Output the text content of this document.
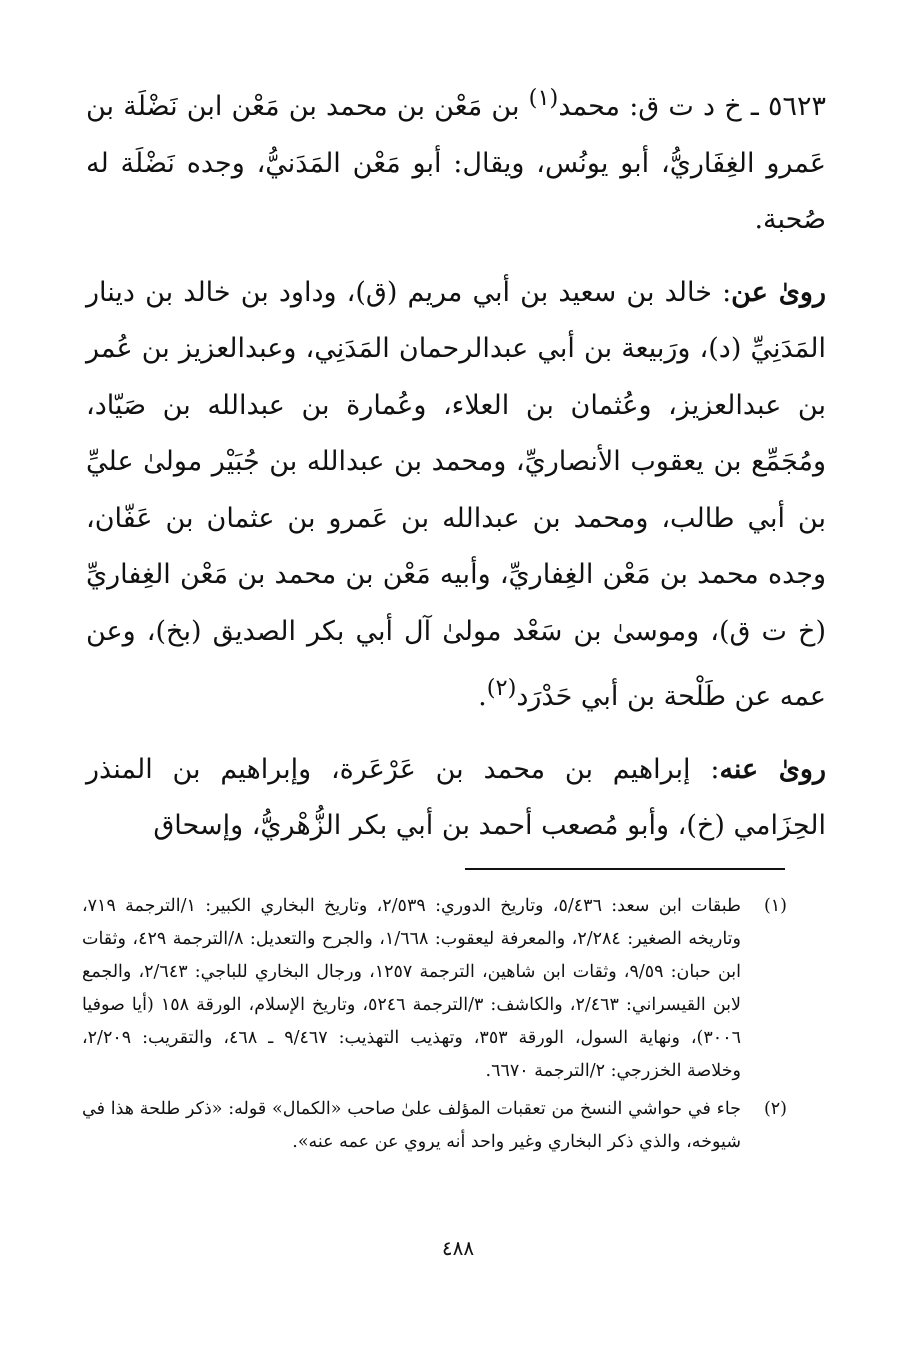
٥٦٢٣ ـ خ د ت ق: محمد$^{(١)}$ بن مَعْن بن محمد بن مَعْن ابن نَضْلَة بن عَمرو الغِفَاريُّ، أبو يونُس، ويقال: أبو مَعْن المَدَنيُّ، وجده نَضْلَة له صُحبة.

روىٰ عن: خالد بن سعيد بن أبي مريم (ق)، وداود بن خالد بن دينار المَدَنِيِّ (د)، ورَبيعة بن أبي عبدالرحمان المَدَنِي، وعبدالعزيز بن عُمر بن عبدالعزيز، وعُثمان بن العلاء، وعُمارة بن عبدالله بن صَيّاد، ومُجَمِّع بن يعقوب الأنصاريِّ، ومحمد بن عبدالله بن جُبَيْر مولىٰ عليِّ بن أبي طالب، ومحمد بن عبدالله بن عَمرو بن عثمان بن عَفّان، وجده محمد بن مَعْن الغِفاريِّ، وأبيه مَعْن بن محمد بن مَعْن الغِفاريِّ (خ ت ق)، وموسىٰ بن سَعْد مولىٰ آل أبي بكر الصديق (بخ)، وعن عمه عن طَلْحة بن أبي حَدْرَد$^{(٢)}$.

روىٰ عنه: إبراهيم بن محمد بن عَرْعَرة، وإبراهيم بن المنذر الحِزَامي (خ)، وأبو مُصعب أحمد بن أبي بكر الزُّهْريُّ، وإسحاق

(١)
طبقات ابن سعد: ٥/٤٣٦، وتاريخ الدوري: ٢/٥٣٩، وتاريخ البخاري الكبير: ١/الترجمة ٧١٩، وتاريخه الصغير: ٢/٢٨٤، والمعرفة ليعقوب: ١/٦٦٨، والجرح والتعديل: ٨/الترجمة ٤٢٩، وثقات ابن حبان: ٩/٥٩، وثقات ابن شاهين، الترجمة ١٢٥٧، ورجال البخاري للباجي: ٢/٦٤٣، والجمع لابن القيسراني: ٢/٤٦٣، والكاشف: ٣/الترجمة ٥٢٤٦، وتاريخ الإسلام، الورقة ١٥٨ (أيا صوفيا ٣٠٠٦)، ونهاية السول، الورقة ٣٥٣، وتهذيب التهذيب: ٩/٤٦٧ ـ ٤٦٨، والتقريب: ٢/٢٠٩، وخلاصة الخزرجي: ٢/الترجمة ٦٦٧٠.
(٢)
جاء في حواشي النسخ من تعقبات المؤلف علىٰ صاحب «الكمال» قوله: «ذكر طلحة هذا في شيوخه، والذي ذكر البخاري وغير واحد أنه يروي عن عمه عنه».
٤٨٨
